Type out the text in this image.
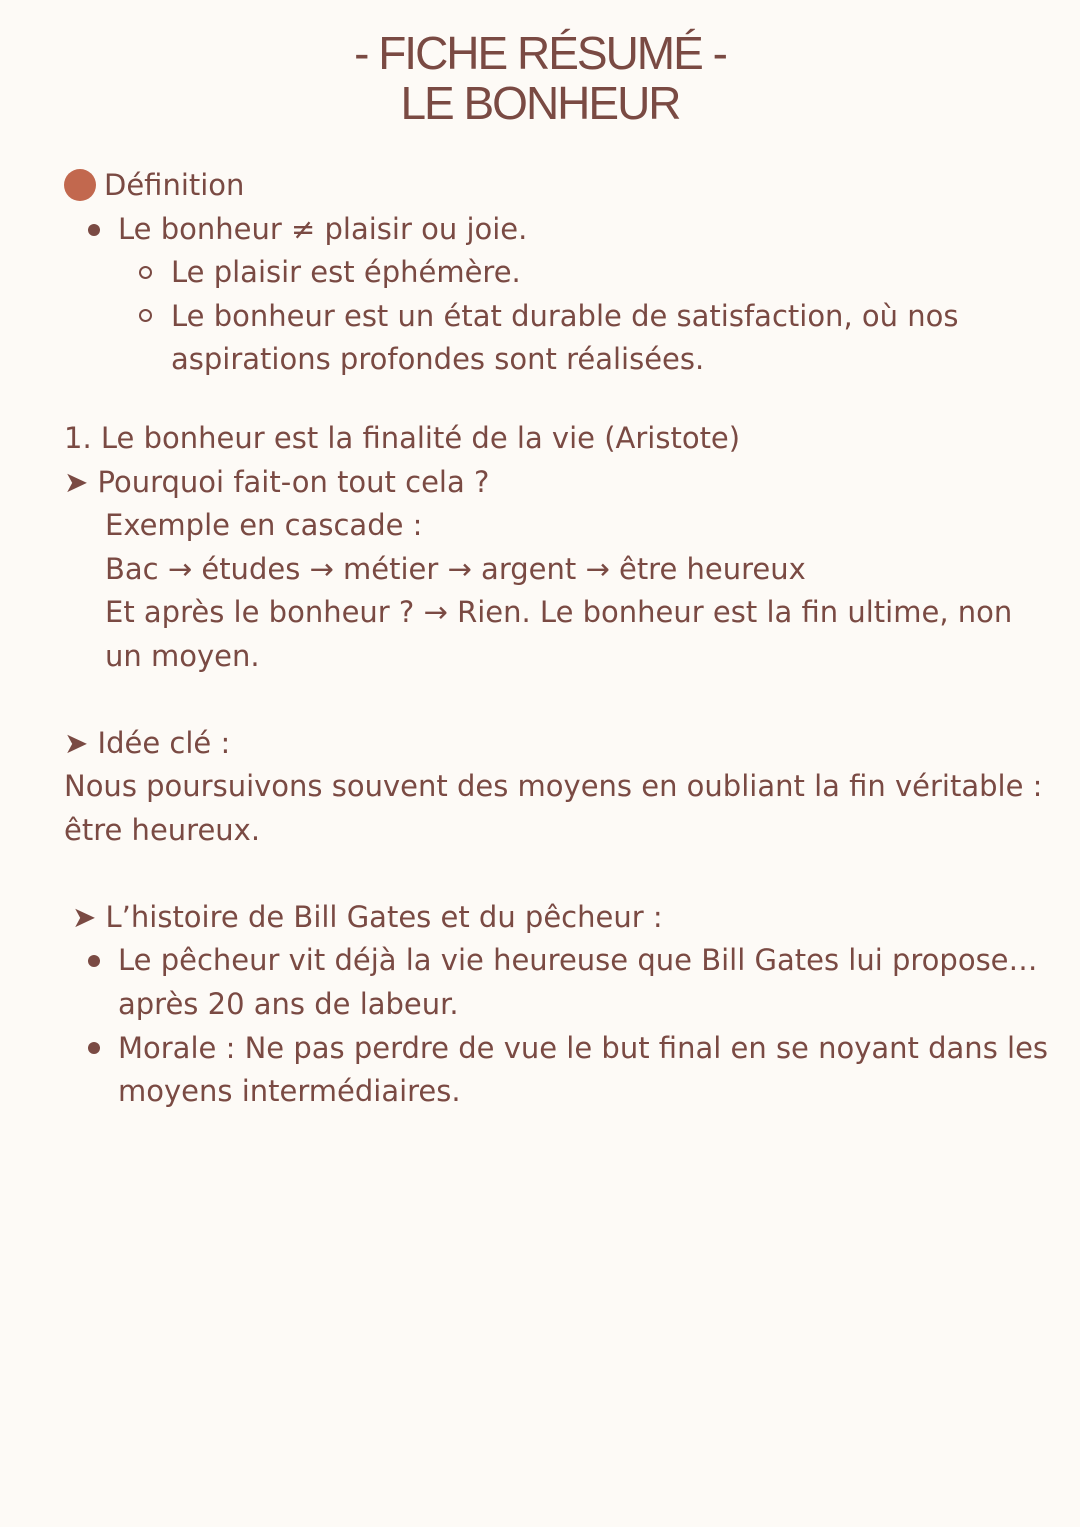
- FICHE RÉSUMÉ -
LE BONHEUR
Définition
Le bonheur ≠ plaisir ou joie.
Le plaisir est éphémère.
Le bonheur est un état durable de satisfaction, où nos
aspirations profondes sont réalisées.
1. Le bonheur est la finalité de la vie (Aristote)
➤ Pourquoi fait-on tout cela ?
Exemple en cascade :
Bac → études → métier → argent → être heureux
Et après le bonheur ? → Rien. Le bonheur est la fin ultime, non
un moyen.
➤ Idée clé :
Nous poursuivons souvent des moyens en oubliant la fin véritable :
être heureux.
➤ L’histoire de Bill Gates et du pêcheur :
Le pêcheur vit déjà la vie heureuse que Bill Gates lui propose…
après 20 ans de labeur.
Morale : Ne pas perdre de vue le but final en se noyant dans les
moyens intermédiaires.
